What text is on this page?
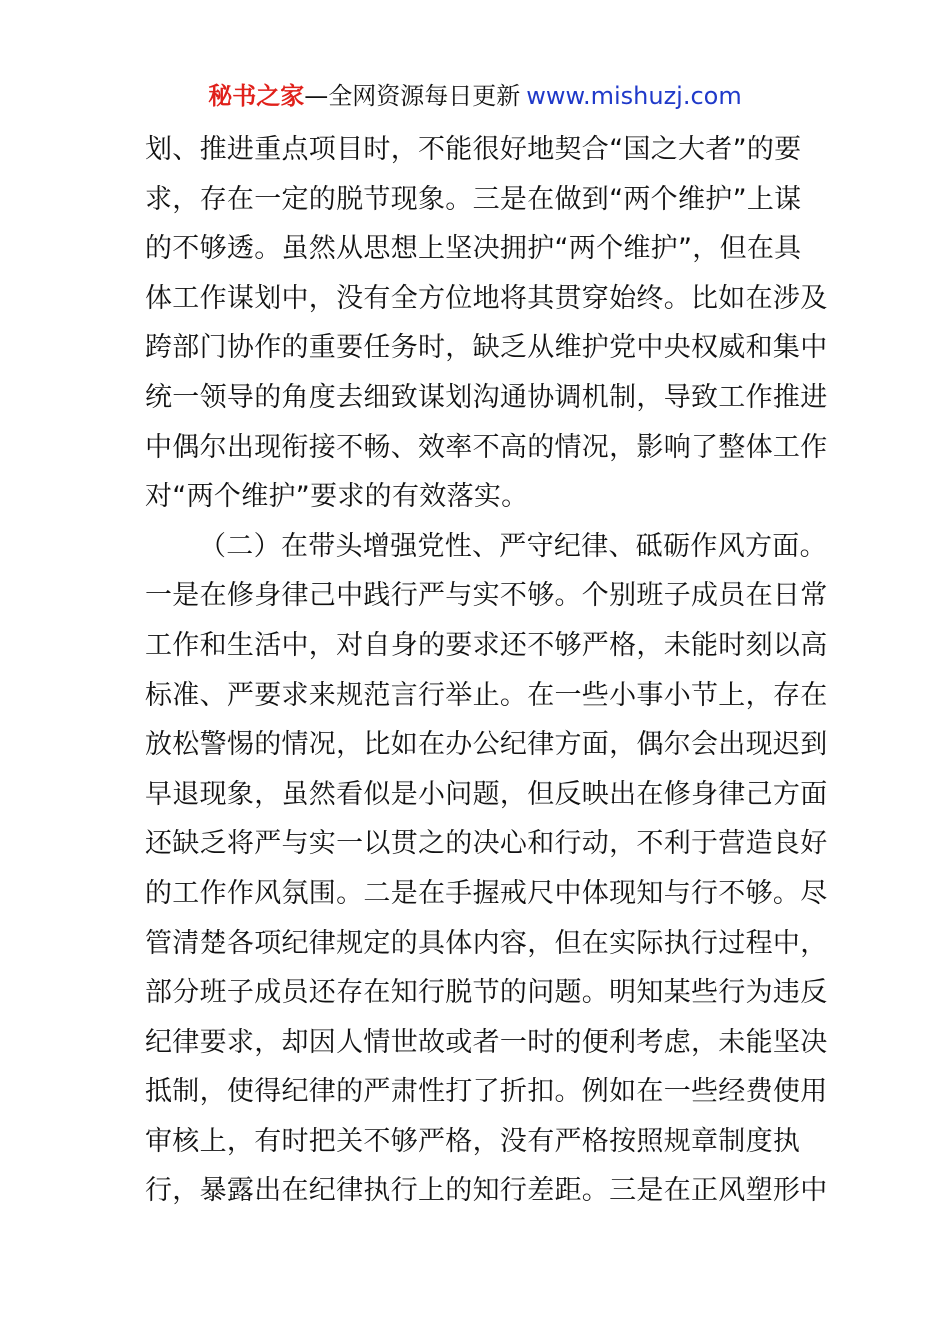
秘书之家—全网资源每日更新 www.mishuzj.com
划、推进重点项目时，不能很好地契合“国之大者”的要
求，存在一定的脱节现象。三是在做到“两个维护”上谋
的不够透。虽然从思想上坚决拥护“两个维护”，但在具
体工作谋划中，没有全方位地将其贯穿始终。比如在涉及
跨部门协作的重要任务时，缺乏从维护党中央权威和集中
统一领导的角度去细致谋划沟通协调机制，导致工作推进
中偶尔出现衔接不畅、效率不高的情况，影响了整体工作
对“两个维护”要求的有效落实。
（二）在带头增强党性、严守纪律、砥砺作风方面。
一是在修身律己中践行严与实不够。个别班子成员在日常
工作和生活中，对自身的要求还不够严格，未能时刻以高
标准、严要求来规范言行举止。在一些小事小节上，存在
放松警惕的情况，比如在办公纪律方面，偶尔会出现迟到
早退现象，虽然看似是小问题，但反映出在修身律己方面
还缺乏将严与实一以贯之的决心和行动，不利于营造良好
的工作作风氛围。二是在手握戒尺中体现知与行不够。尽
管清楚各项纪律规定的具体内容，但在实际执行过程中，
部分班子成员还存在知行脱节的问题。明知某些行为违反
纪律要求，却因人情世故或者一时的便利考虑，未能坚决
抵制，使得纪律的严肃性打了折扣。例如在一些经费使用
审核上，有时把关不够严格，没有严格按照规章制度执
行，暴露出在纪律执行上的知行差距。三是在正风塑形中
